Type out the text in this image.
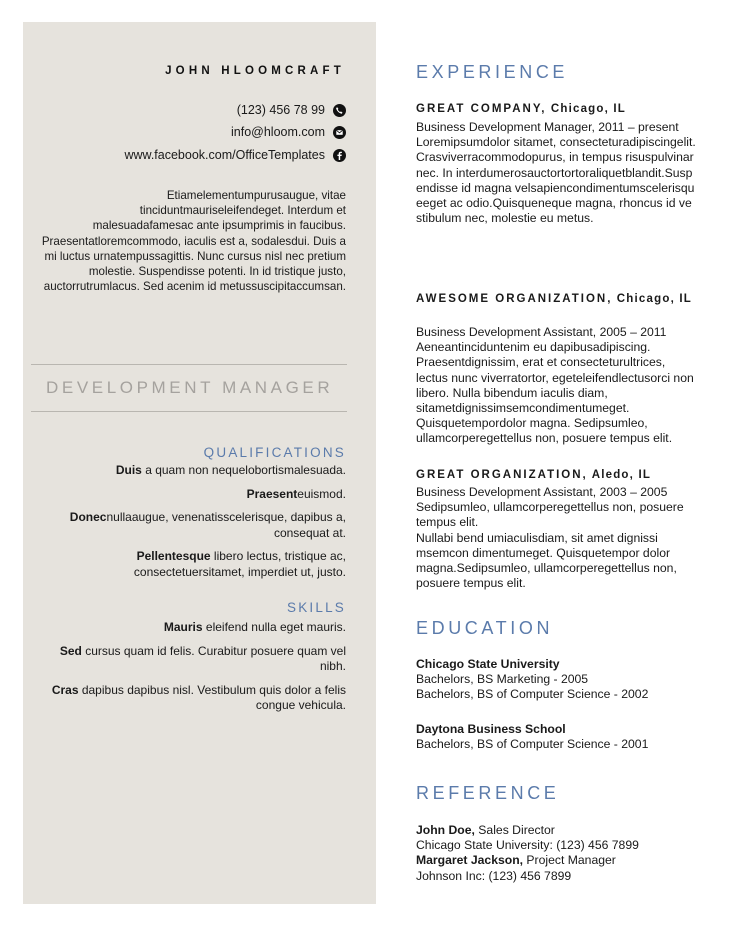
JOHN HLOOMCRAFT
(123) 456 78 99
info@hloom.com
www.facebook.com/OfficeTemplates
Etiamelementumpurusaugue, vitae tinciduntmauriseleifendeget. Interdum et malesuadafamesac ante ipsumprimis in faucibus. Praesentatloremcommodo, iaculis est a, sodalesdui. Duis a mi luctus urnatempussagittis. Nunc cursus nisl nec pretium molestie. Suspendisse potenti. In id tristique justo, auctorrutrumlacus. Sed acenim id metussuscipitaccumsan.
DEVELOPMENT MANAGER
QUALIFICATIONS

Duis a quam non nequelobortismalesuada.

Praesenteuismod.

Donecnullaaugue, venenatisscelerisque, dapibus a, consequat at.

Pellentesque libero lectus, tristique ac, consectetuersitamet, imperdiet ut, justo.

SKILLS

Mauris eleifend nulla eget mauris.

Sed cursus quam id felis. Curabitur posuere quam vel nibh.

Cras dapibus dapibus nisl. Vestibulum quis dolor a felis congue vehicula.

EXPERIENCE
GREAT COMPANY, Chicago, IL

Business Development Manager, 2011 – present

Loremipsumdolor sitamet, consecteturadipiscingelit. Crasviverracommodopurus, in tempus risuspulvinarnec. In interdumerosauctortortoraliquetblandit.Suspendisse id magna velsapiencondimentumscelerisqueeget ac odio.Quisqueneque magna, rhoncus id vestibulum nec, molestie eu metus.

AWESOME ORGANIZATION, Chicago, IL

Business Development Assistant, 2005 – 2011

Aeneantinciduntenim eu dapibusadipiscing. Praesentdignissim, erat et consecteturultrices, lectus nunc viverratortor, egeteleifendlectusorci non libero. Nulla bibendum iaculis diam, sitametdignissimsemcondimentumeget. Quisquetempordolor magna. Sedipsumleo, ullamcorperegettellus non, posuere tempus elit.

GREAT ORGANIZATION, Aledo, IL

Business Development Assistant, 2003 – 2005

Sedipsumleo, ullamcorperegettellus non, posuere tempus elit.

Nullabi bend umiaculisdiam, sit amet dignissi msemcon dimentumeget. Quisquetempor dolor magna.Sedipsumleo, ullamcorperegettellus non, posuere tempus elit.

EDUCATION

Chicago State University

Bachelors, BS Marketing - 2005

Bachelors, BS of Computer Science - 2002

Daytona Business School

Bachelors, BS of Computer Science - 2001

REFERENCE

John Doe, Sales Director

Chicago State University: (123) 456 7899

Margaret Jackson, Project Manager

Johnson Inc: (123) 456 7899
